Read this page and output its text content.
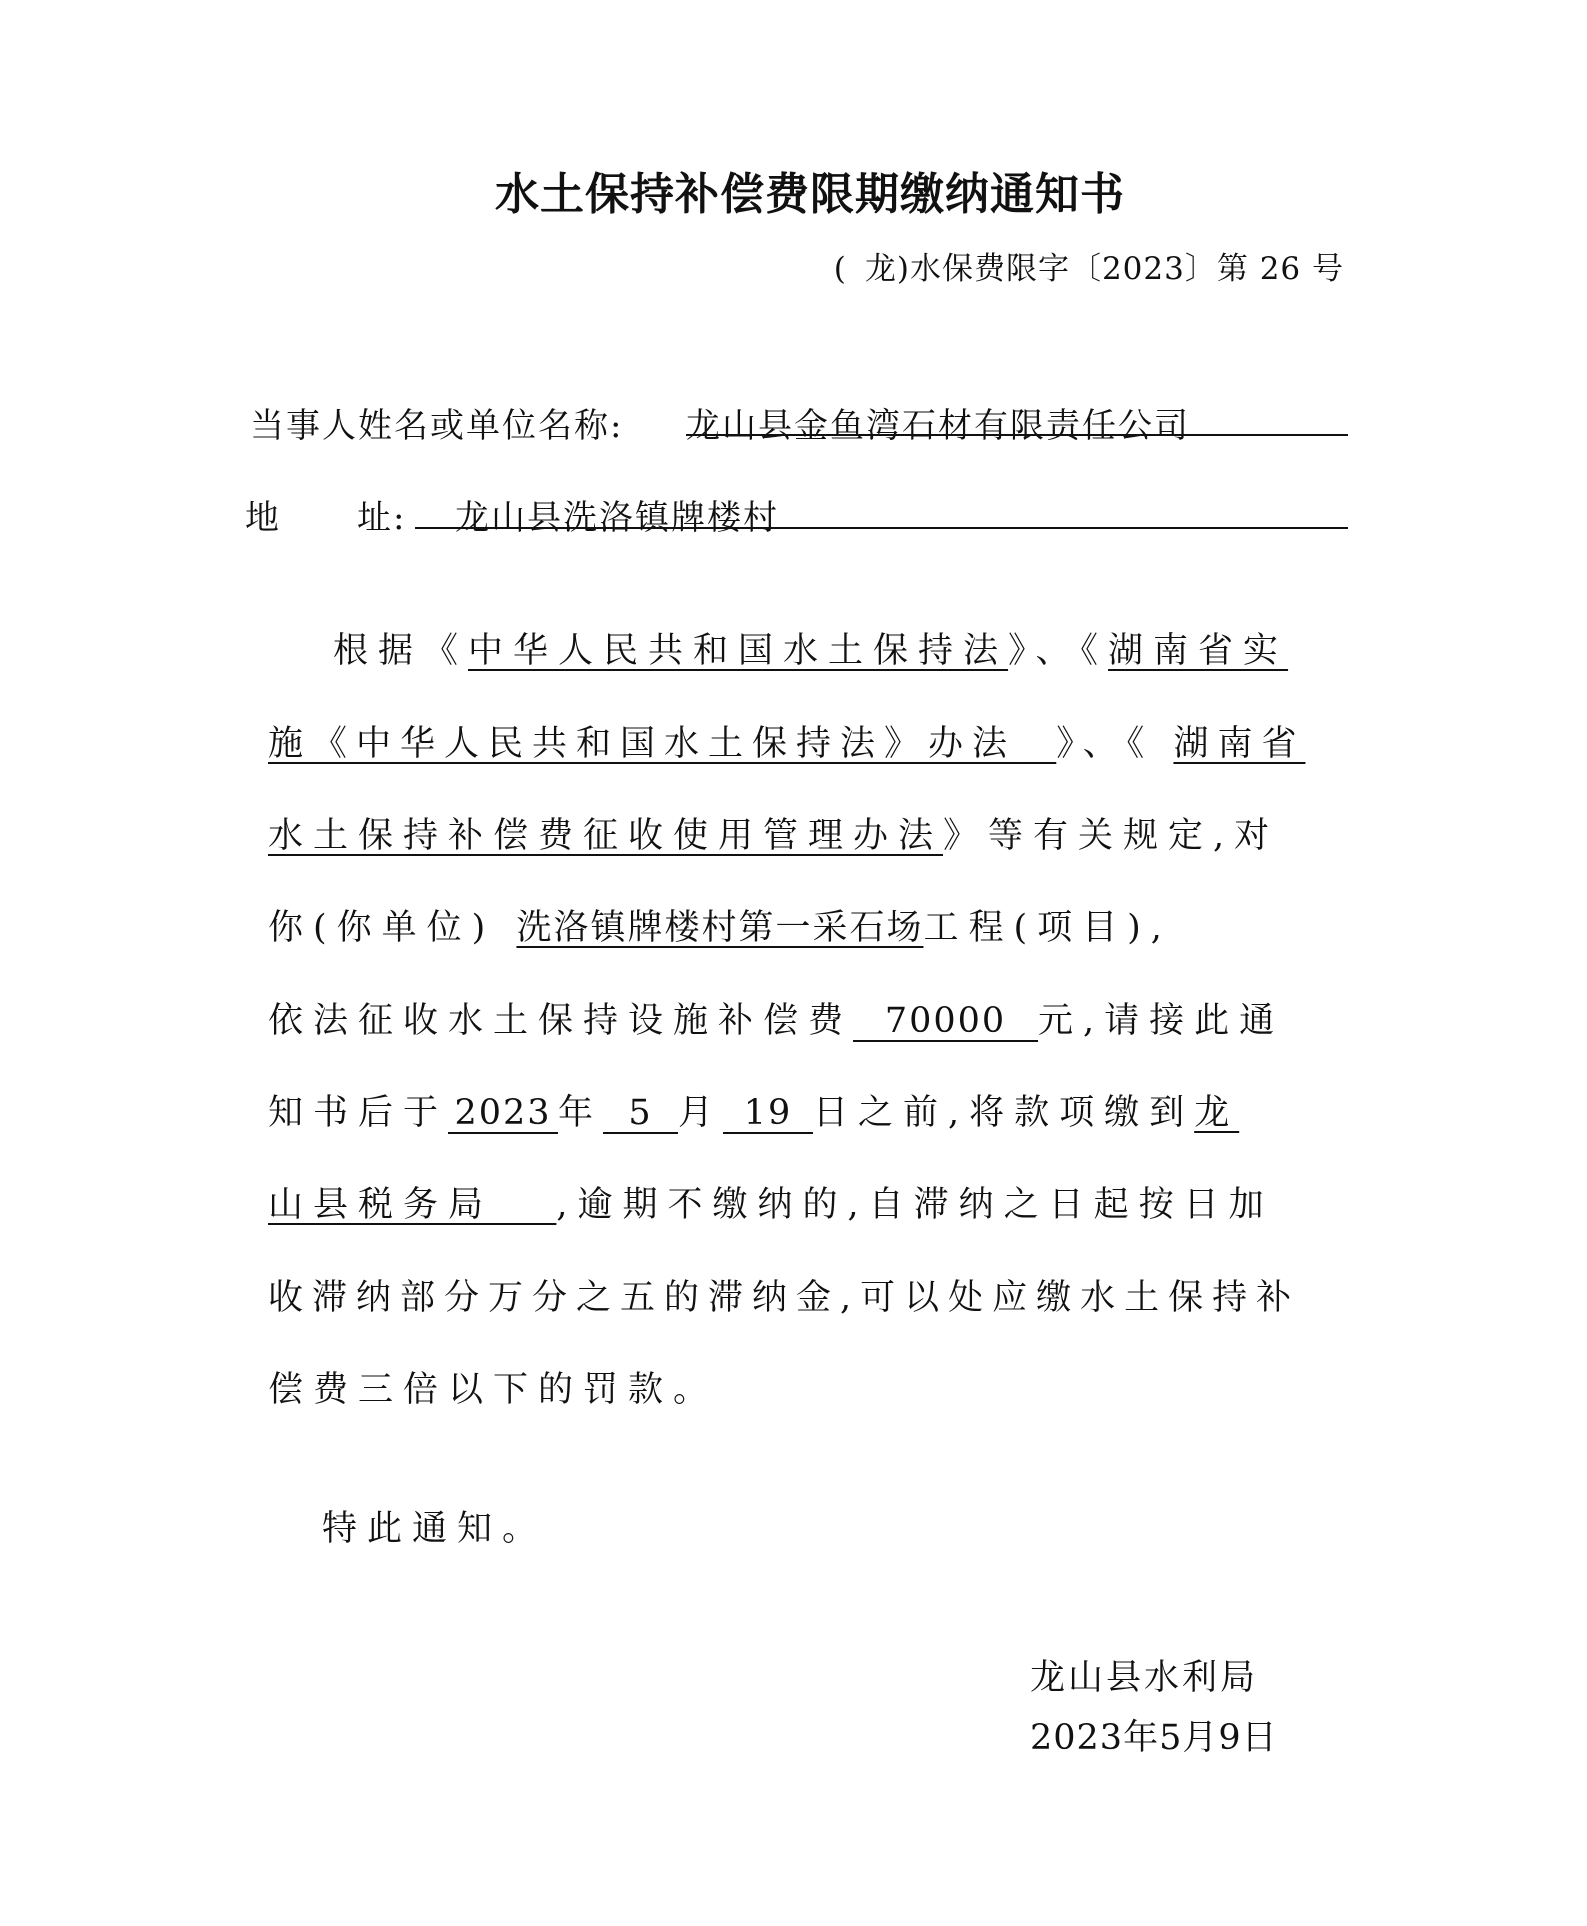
水土保持补偿费限期缴纳通知书
( 龙)水保费限字〔2023〕第 26 号
当事人姓名或单位名称: 龙山县金鱼湾石材有限责任公司
地 址: 龙山县洗洛镇牌楼村
根据《中华人民共和国水土保持法》、《湖南省实
施《中华人民共和国水土保持法》办法 》、《 湖南省
水土保持补偿费征收使用管理办法》等有关规定,对
你(你单位) 洗洛镇牌楼村第一采石场工程(项目),
依法征收水土保持设施补偿费 70000 元,请接此通
知书后于 2023 年 5 月 19 日之前,将款项缴到龙
山县税务局 ,逾期不缴纳的,自滞纳之日起按日加
收滞纳部分万分之五的滞纳金,可以处应缴水土保持补
偿费三倍以下的罚款。
特此通知。
龙山县水利局
2023年5月9日
